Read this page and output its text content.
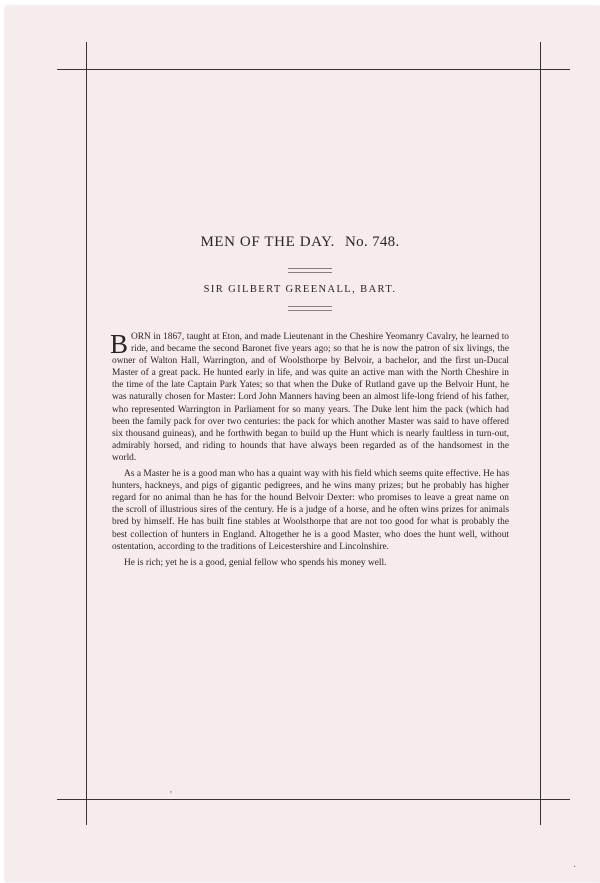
MEN OF THE DAY. No. 748.
SIR GILBERT GREENALL, BART.

BORN in 1867, taught at Eton, and made Lieutenant in the Cheshire Yeomanry Cavalry, he learned to ride, and became the second Baronet five years ago; so that he is now the patron of six livings, the owner of Walton Hall, Warrington, and of Woolsthorpe by Belvoir, a bachelor, and the first un-Ducal Master of a great pack. He hunted early in life, and was quite an active man with the North Cheshire in the time of the late Captain Park Yates; so that when the Duke of Rutland gave up the Belvoir Hunt, he was naturally chosen for Master: Lord John Manners having been an almost life-long friend of his father, who represented Warrington in Parliament for so many years. The Duke lent him the pack (which had been the family pack for over two centuries: the pack for which another Master was said to have offered six thousand guineas), and he forthwith began to build up the Hunt which is nearly faultless in turn-out, admirably horsed, and riding to hounds that have always been regarded as of the handsomest in the world.

As a Master he is a good man who has a quaint way with his field which seems quite effective. He has hunters, hackneys, and pigs of gigantic pedigrees, and he wins many prizes; but he probably has higher regard for no animal than he has for the hound Belvoir Dexter: who promises to leave a great name on the scroll of illustrious sires of the century. He is a judge of a horse, and he often wins prizes for animals bred by himself. He has built fine stables at Woolsthorpe that are not too good for what is probably the best collection of hunters in England. Altogether he is a good Master, who does the hunt well, without ostentation, according to the traditions of Leicestershire and Lincolnshire.

He is rich; yet he is a good, genial fellow who spends his money well.

'
·
